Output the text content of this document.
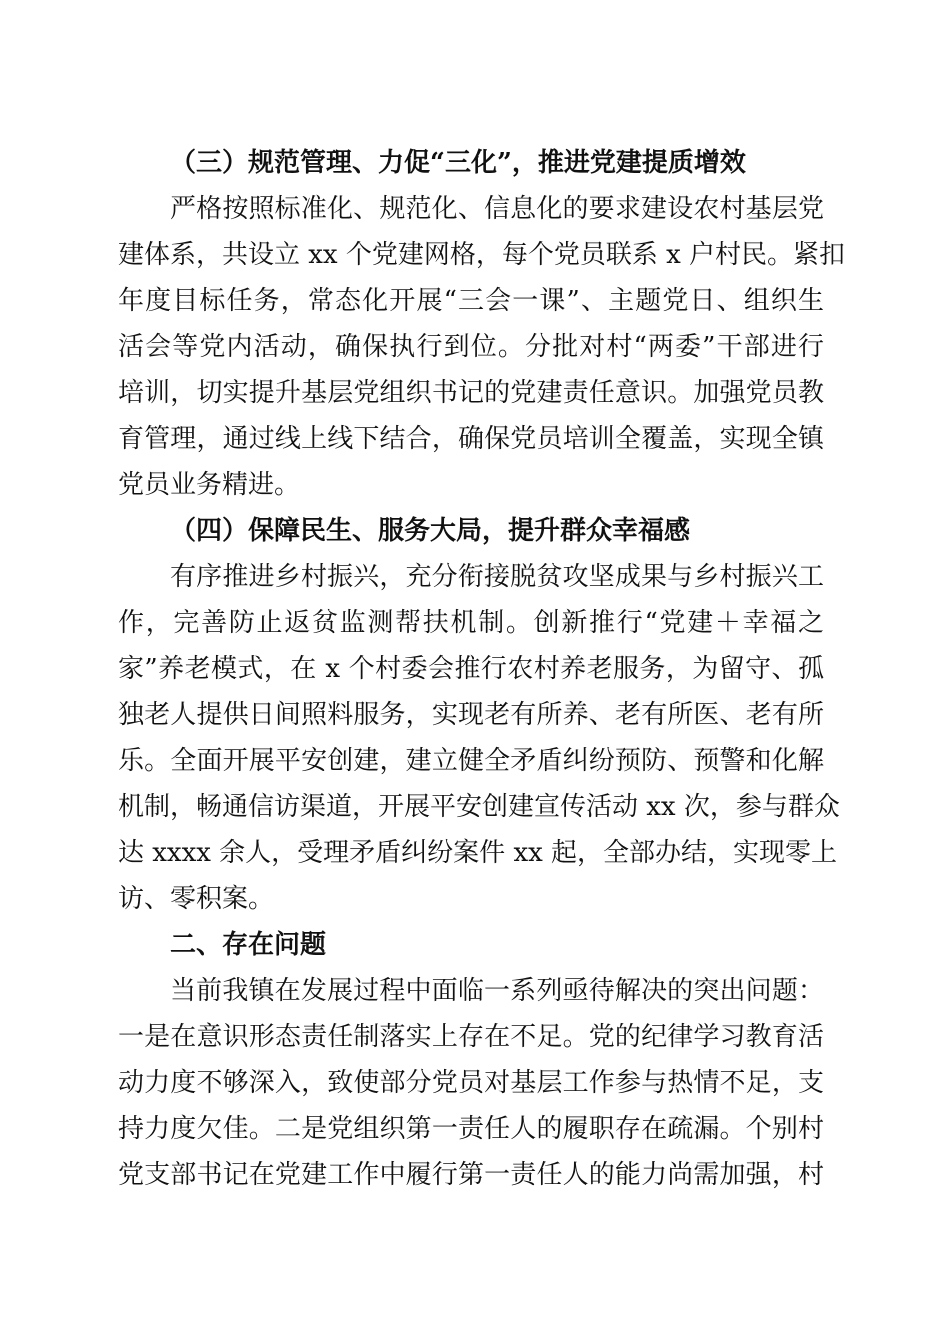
（三）规范管理、力促“三化”，推进党建提质增效
严格按照标准化、规范化、信息化的要求建设农村基层党
建体系，共设立 xx 个党建网格，每个党员联系 x 户村民。紧扣
年度目标任务，常态化开展“三会一课”、主题党日、组织生
活会等党内活动，确保执行到位。分批对村“两委”干部进行
培训，切实提升基层党组织书记的党建责任意识。加强党员教
育管理，通过线上线下结合，确保党员培训全覆盖，实现全镇
党员业务精进。
（四）保障民生、服务大局，提升群众幸福感
有序推进乡村振兴，充分衔接脱贫攻坚成果与乡村振兴工
作，完善防止返贫监测帮扶机制。创新推行“党建＋幸福之
家”养老模式，在 x 个村委会推行农村养老服务，为留守、孤
独老人提供日间照料服务，实现老有所养、老有所医、老有所
乐。全面开展平安创建，建立健全矛盾纠纷预防、预警和化解
机制，畅通信访渠道，开展平安创建宣传活动 xx 次，参与群众
达 xxxx 余人，受理矛盾纠纷案件 xx 起，全部办结，实现零上
访、零积案。
二、存在问题
当前我镇在发展过程中面临一系列亟待解决的突出问题：
一是在意识形态责任制落实上存在不足。党的纪律学习教育活
动力度不够深入，致使部分党员对基层工作参与热情不足，支
持力度欠佳。二是党组织第一责任人的履职存在疏漏。个别村
党支部书记在党建工作中履行第一责任人的能力尚需加强，村
